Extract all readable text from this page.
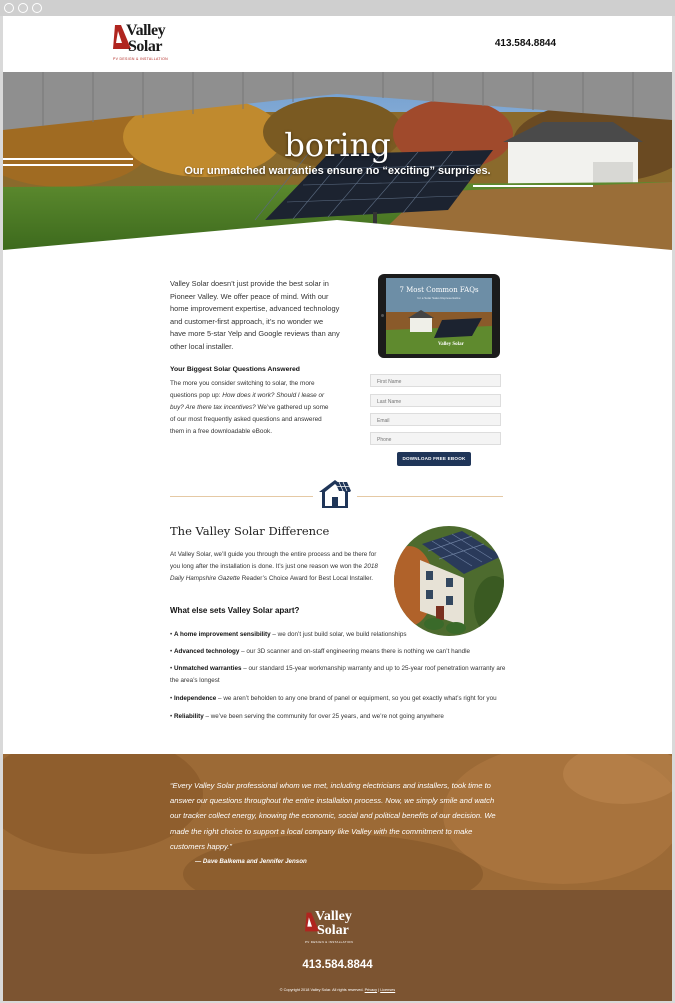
Valley
Solar
PV DESIGN & INSTALLATION
413.584.8844
boring
Our unmatched warranties ensure no “exciting” surprises.
Valley Solar doesn’t just provide the best solar in Pioneer Valley. We offer peace of mind. With our home improvement expertise, advanced technology and customer-first approach, it’s no wonder we have more 5-star Yelp and Google reviews than any other local installer.
Your Biggest Solar Questions Answered
The more you consider switching to solar, the more questions pop up: How does it work? Should I lease or buy? Are there tax incentives? We’ve gathered up some of our most frequently asked questions and answered them in a free downloadable eBook.
7 Most Common FAQs
for a Solar Sales Representative
Valley Solar
First Name
Last Name
Email
Phone
DOWNLOAD FREE EBOOK
The Valley Solar Difference
At Valley Solar, we’ll guide you through the entire process and be there for you long after the installation is done. It’s just one reason we won the 2018 Daily Hampshire Gazette Reader’s Choice Award for Best Local Installer.
What else sets Valley Solar apart?
• A home improvement sensibility – we don’t just build solar, we build relationships
• Advanced technology – our 3D scanner and on-staff engineering means there is nothing we can’t handle
• Unmatched warranties – our standard 15-year workmanship warranty and up to 25-year roof penetration warranty are the area’s longest
• Independence – we aren’t beholden to any one brand of panel or equipment, so you get exactly what’s right for you
• Reliability – we’ve been serving the community for over 25 years, and we’re not going anywhere
“Every Valley Solar professional whom we met, including electricians and installers, took time to answer our questions throughout the entire installation process. Now, we simply smile and watch our tracker collect energy, knowing the economic, social and political benefits of our decision. We made the right choice to support a local company like Valley with the commitment to make customers happy.”
— Dave Balkema and Jennifer Jenson
Valley
Solar
PV DESIGN & INSTALLATION
413.584.8844
© Copyright 2018 Valley Solar. All rights reserved. Privacy | Licenses
